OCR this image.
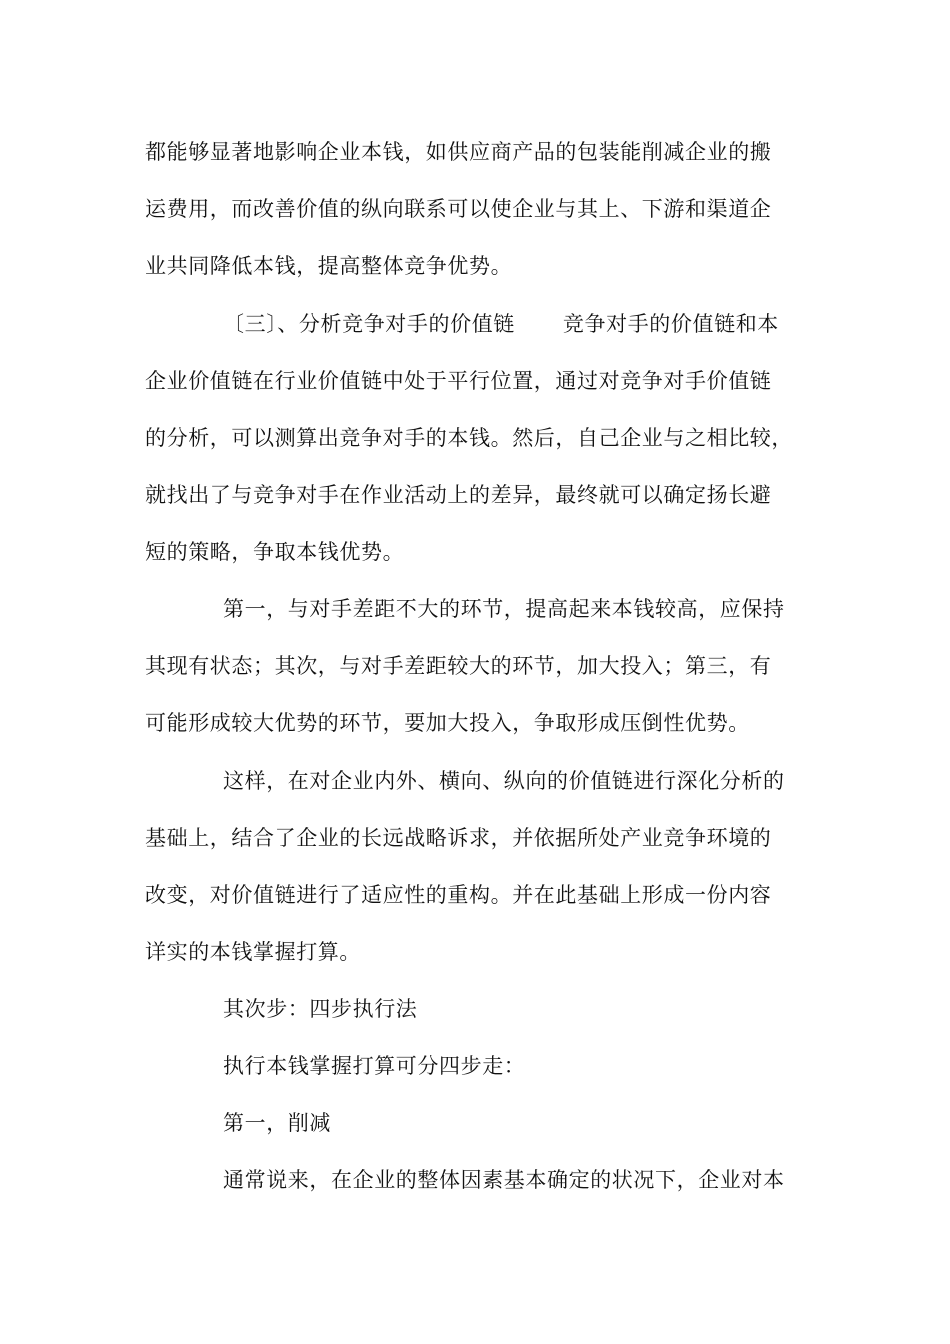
都能够显著地影响企业本钱，如供应商产品的包装能削减企业的搬
运费用，而改善价值的纵向联系可以使企业与其上、下游和渠道企
业共同降低本钱，提高整体竞争优势。
〔三〕、分析竞争对手的价值链 竞争对手的价值链和本
企业价值链在行业价值链中处于平行位置，通过对竞争对手价值链
的分析，可以测算出竞争对手的本钱。然后，自己企业与之相比较，
就找出了与竞争对手在作业活动上的差异，最终就可以确定扬长避
短的策略，争取本钱优势。
第一，与对手差距不大的环节，提高起来本钱较高，应保持
其现有状态；其次，与对手差距较大的环节，加大投入；第三，有
可能形成较大优势的环节，要加大投入，争取形成压倒性优势。
这样，在对企业内外、横向、纵向的价值链进行深化分析的
基础上，结合了企业的长远战略诉求，并依据所处产业竞争环境的
改变，对价值链进行了适应性的重构。并在此基础上形成一份内容
详实的本钱掌握打算。
其次步：四步执行法
执行本钱掌握打算可分四步走：
第一，削减
通常说来，在企业的整体因素基本确定的状况下，企业对本
